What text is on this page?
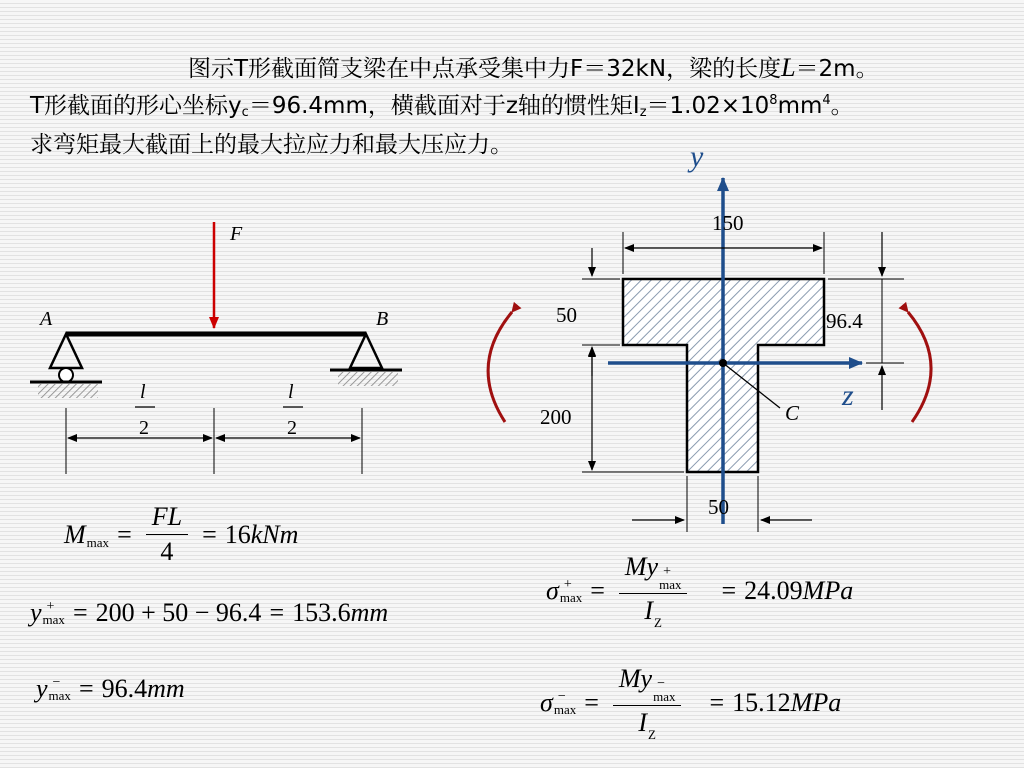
图示T形截面简支梁在中点承受集中力F＝32kN，梁的长度L＝2m。
T形截面的形心坐标$y_c=96.4mm$，横截面对于z轴的惯性矩$I_z=1.02\times 10^8mm^4$。
求弯矩最大截面上的最大拉应力和最大压应力。

F
A	B
l
2
l
2
y
z
C
150
50
200
50
96.4
M $\max = \frac{FL}{4} = 16$ kNm
y +
max = 200 + 50 − 96.4 = 153.6 mm
y −
max = 96.4 mm
σ +
max = My +
max
$I_Z = 24.09$ MPa
σ −
max = My −
max
$I_Z = 15.12$ MPa
